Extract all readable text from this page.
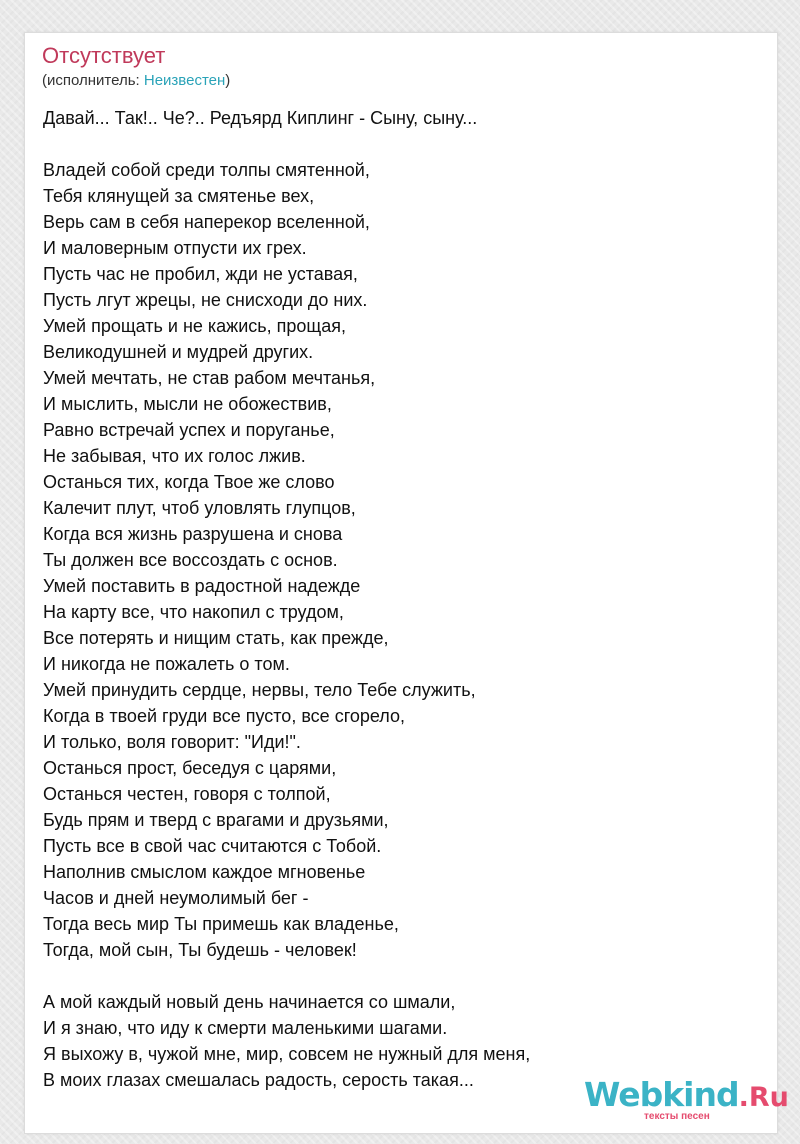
Отсутствует
(исполнитель: Неизвестен)
Давай... Так!.. Че?.. Редъярд Киплинг - Сыну, сыну...
Владей собой среди толпы смятенной,
Тебя клянущей за смятенье вех,
Верь сам в себя наперекор вселенной,
И маловерным отпусти их грех.
Пусть час не пробил, жди не уставая,
Пусть лгут жрецы, не снисходи до них.
Умей прощать и не кажись, прощая,
Великодушней и мудрей других.
Умей мечтать, не став рабом мечтанья,
И мыслить, мысли не обожествив,
Равно встречай успех и поруганье,
Не забывая, что их голос лжив.
Останься тих, когда Твое же слово
Калечит плут, чтоб уловлять глупцов,
Когда вся жизнь разрушена и снова
Ты должен все воссоздать с основ.
Умей поставить в радостной надежде
На карту все, что накопил с трудом,
Все потерять и нищим стать, как прежде,
И никогда не пожалеть о том.
Умей принудить сердце, нервы, тело Тебе служить,
Когда в твоей груди все пусто, все сгорело,
И только, воля говорит: "Иди!".
Останься прост, беседуя с царями,
Останься честен, говоря с толпой,
Будь прям и тверд с врагами и друзьями,
Пусть все в свой час считаются с Тобой.
Наполнив смыслом каждое мгновенье
Часов и дней неумолимый бег -
Тогда весь мир Ты примешь как владенье,
Тогда, мой сын, Ты будешь - человек!
А мой каждый новый день начинается со шмали,
И я знаю, что иду к смерти маленькими шагами.
Я выхожу в, чужой мне, мир, совсем не нужный для меня,
В моих глазах смешалась радость, серость такая...	Webkind.Ru
тексты песен
